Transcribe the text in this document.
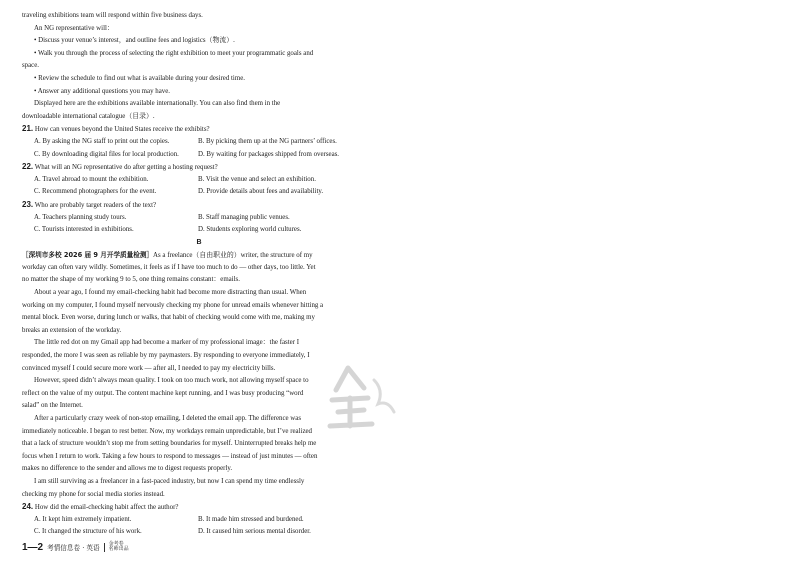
traveling exhibitions team will respond within five business days.
An NG representative will：
• Discuss your venue’s interest，and outline fees and logistics（物流）.
• Walk you through the process of selecting the right exhibition to meet your programmatic goals and
space.
• Review the schedule to find out what is available during your desired time.
• Answer any additional questions you may have.
Displayed here are the exhibitions available internationally. You can also find them in the
downloadable international catalogue（目录）.
21. How can venues beyond the United States receive the exhibits?
A. By asking the NG staff to print out the copies.	B. By picking them up at the NG partners’ offices.
C. By downloading digital files for local production.	D. By waiting for packages shipped from overseas.
22. What will an NG representative do after getting a hosting request?
A. Travel abroad to mount the exhibition.	B. Visit the venue and select an exhibition.
C. Recommend photographers for the event.	D. Provide details about fees and availability.
23. Who are probably target readers of the text?
A. Teachers planning study tours.	B. Staff managing public venues.
C. Tourists interested in exhibitions.	D. Students exploring world cultures.
B
［深圳市多校 2026 届 9 月开学质量检测］As a freelance（自由职业的）writer, the structure of my
workday can often vary wildly. Sometimes, it feels as if I have too much to do — other days, too little. Yet
no matter the shape of my working 9 to 5, one thing remains constant：emails.
About a year ago, I found my email-checking habit had become more distracting than usual. When
working on my computer, I found myself nervously checking my phone for unread emails whenever hitting a
mental block. Even worse, during lunch or walks, that habit of checking would come with me, making my
breaks an extension of the workday.
The little red dot on my Gmail app had become a marker of my professional image：the faster I
responded, the more I was seen as reliable by my paymasters. By responding to everyone immediately, I
convinced myself I could secure more work — after all, I needed to pay my electricity bills.
However, speed didn’t always mean quality. I took on too much work, not allowing myself space to
reflect on the value of my output. The content machine kept running, and I was busy producing “word
salad” on the Internet.
After a particularly crazy week of non-stop emailing, I deleted the email app. The difference was
immediately noticeable. I began to rest better. Now, my workdays remain unpredictable, but I’ve realized
that a lack of structure wouldn’t stop me from setting boundaries for myself. Uninterrupted breaks help me
focus when I return to work. Taking a few hours to respond to messages — instead of just minutes — often
makes no difference to the sender and allows me to digest requests properly.
I am still surviving as a freelancer in a fast-paced industry, but now I can spend my time endlessly
checking my phone for social media stories instead.
24. How did the email-checking habit affect the author?
A. It kept him extremely impatient.	B. It made him stressed and burdened.
C. It changed the structure of his work.	D. It caused him serious mental disorder.
1—2 考情信息卷 · 英语 金考卷
名师出品
